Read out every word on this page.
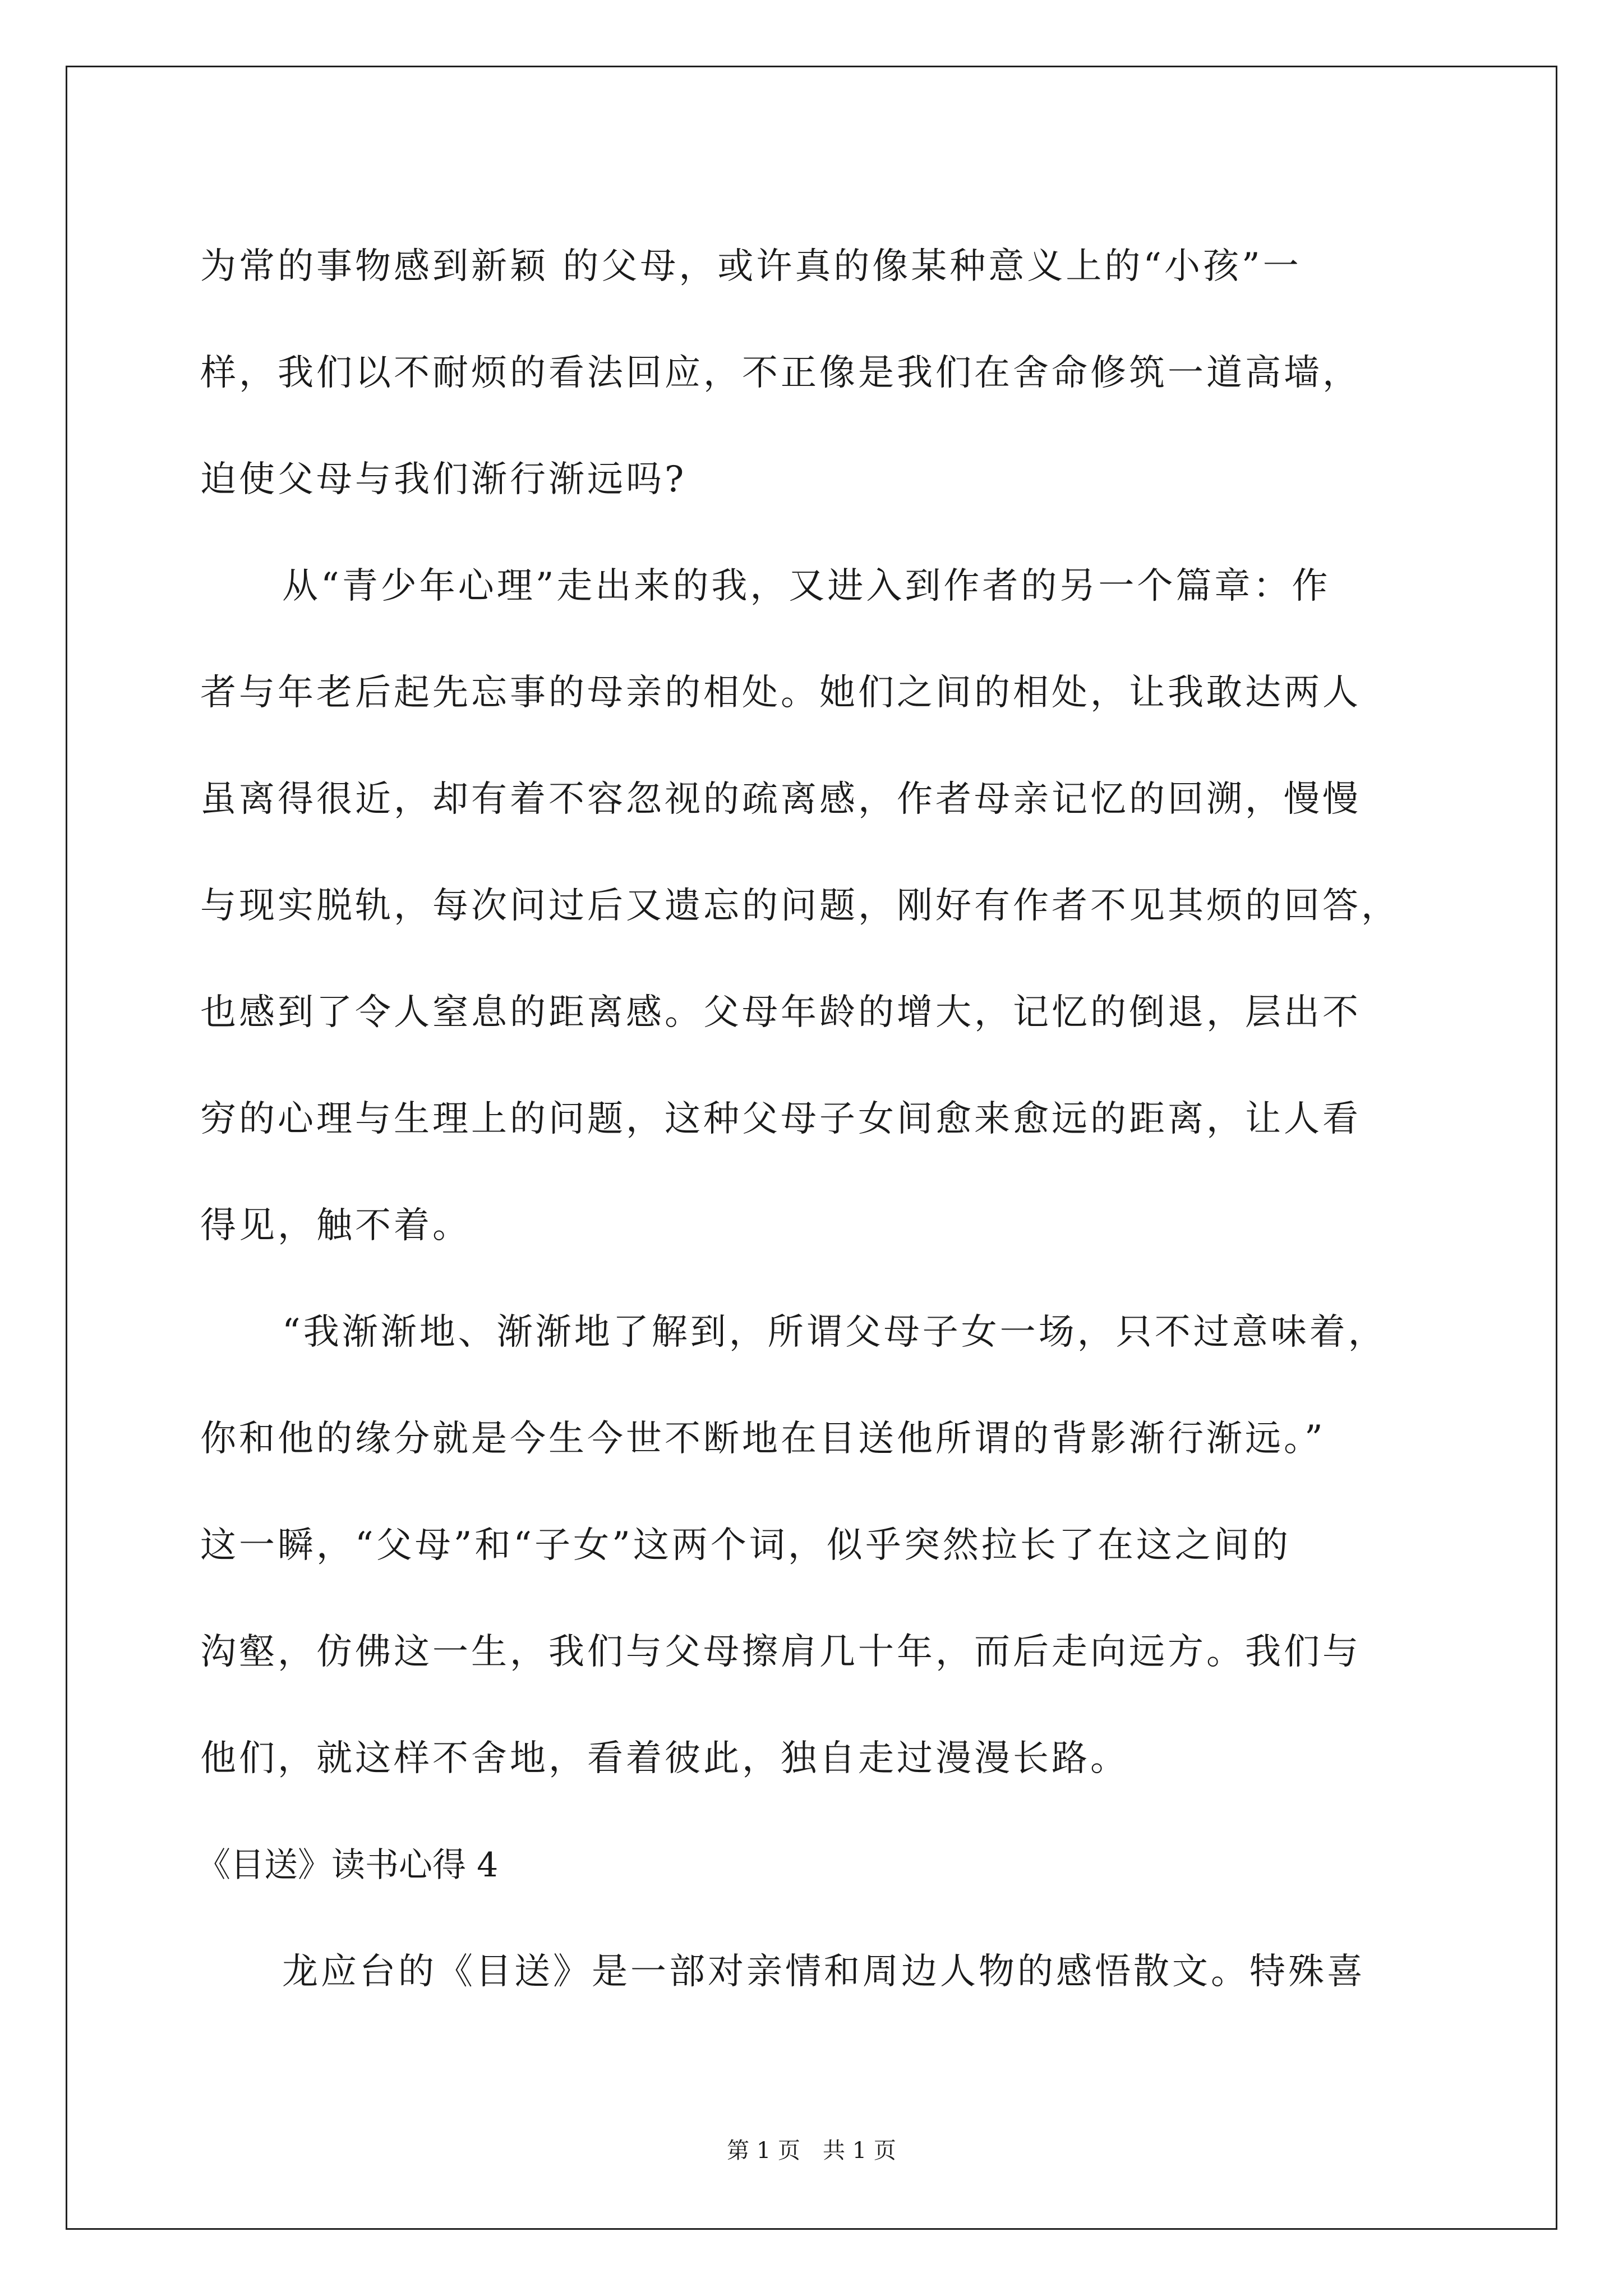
为常的事物感到新颖 的父母，或许真的像某种意义上的“小孩”一
样，我们以不耐烦的看法回应，不正像是我们在舍命修筑一道高墙，
迫使父母与我们渐行渐远吗?
从“青少年心理”走出来的我，又进入到作者的另一个篇章：作
者与年老后起先忘事的母亲的相处。她们之间的相处，让我敢达两人
虽离得很近，却有着不容忽视的疏离感，作者母亲记忆的回溯，慢慢
与现实脱轨，每次问过后又遗忘的问题，刚好有作者不见其烦的回答，
也感到了令人窒息的距离感。父母年龄的增大，记忆的倒退，层出不
穷的心理与生理上的问题，这种父母子女间愈来愈远的距离，让人看
得见，触不着。
“我渐渐地、渐渐地了解到，所谓父母子女一场，只不过意味着，
你和他的缘分就是今生今世不断地在目送他所谓的背影渐行渐远。”
这一瞬，“父母”和“子女”这两个词，似乎突然拉长了在这之间的
沟壑，仿佛这一生，我们与父母擦肩几十年，而后走向远方。我们与
他们，就这样不舍地，看着彼此，独自走过漫漫长路。
《目送》读书心得 4
龙应台的《目送》是一部对亲情和周边人物的感悟散文。特殊喜
第 1 页 共 1 页
